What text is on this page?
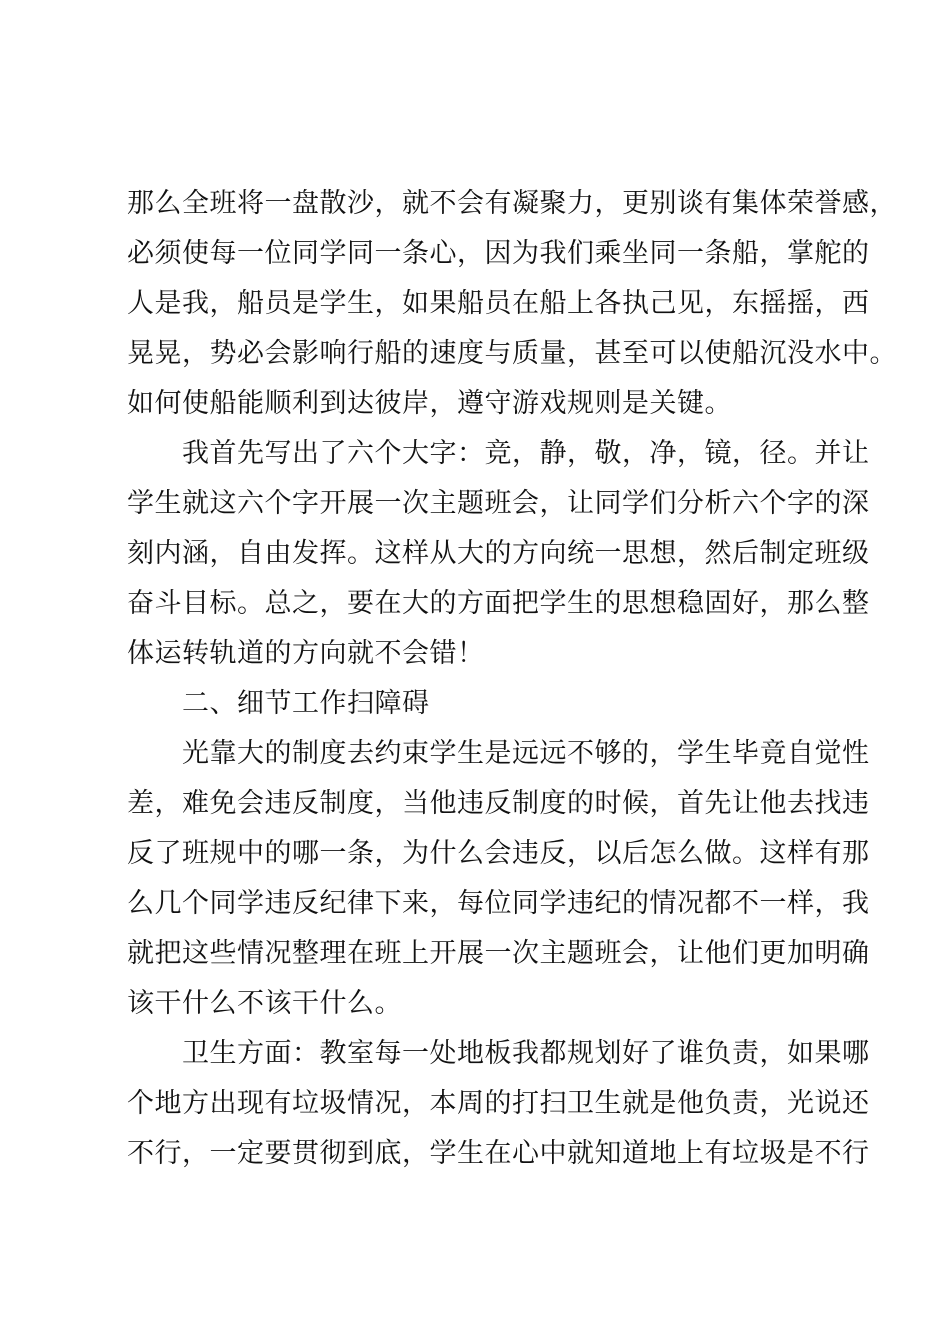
那么全班将一盘散沙，就不会有凝聚力，更别谈有集体荣誉感，
必须使每一位同学同一条心，因为我们乘坐同一条船，掌舵的
人是我，船员是学生，如果船员在船上各执己见，东摇摇，西
晃晃，势必会影响行船的速度与质量，甚至可以使船沉没水中。
如何使船能顺利到达彼岸，遵守游戏规则是关键。
　　我首先写出了六个大字：竞，静，敬，净，镜，径。并让
学生就这六个字开展一次主题班会，让同学们分析六个字的深
刻内涵，自由发挥。这样从大的方向统一思想，然后制定班级
奋斗目标。总之，要在大的方面把学生的思想稳固好，那么整
体运转轨道的方向就不会错！
　　二、细节工作扫障碍
　　光靠大的制度去约束学生是远远不够的，学生毕竟自觉性
差，难免会违反制度，当他违反制度的时候，首先让他去找违
反了班规中的哪一条，为什么会违反，以后怎么做。这样有那
么几个同学违反纪律下来，每位同学违纪的情况都不一样，我
就把这些情况整理在班上开展一次主题班会，让他们更加明确
该干什么不该干什么。
　　卫生方面：教室每一处地板我都规划好了谁负责，如果哪
个地方出现有垃圾情况，本周的打扫卫生就是他负责，光说还
不行，一定要贯彻到底，学生在心中就知道地上有垃圾是不行
